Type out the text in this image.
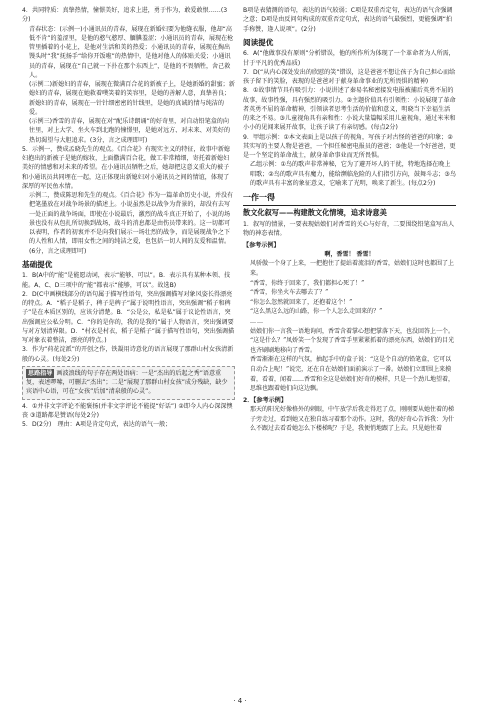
4．共同特质：真挚热情，憧憬美好，追求上进，勇于作为，敢爱敢恨……(3分)

青春状态：(示例一)小通讯员的青春，展现在新婚妇要为他缝衣服，他却“高低不肯”的羞涩里，是他的憨气憨厚、腼腆羞涩；小通讯员的青春，展现在枪管里插着的小花上，是他对生活和美的热爱；小通讯员的青春，展现在掏出馒头时“我”抚扬手“给你开饭啦”的热情中，是他对他人的体贴关爱；小通讯员的青春，展现在“自己就一下扑在那个东西上”，是他的不畏牺牲，舍己救人。

(示例二)新媳妇的青春，展现在微满百合花的新被子上，是她新婚的甜蜜；新媳妇的青春，展现在她救着噗笑着的笑容里，是她的善解人意，真挚善良；新媳妇的青春，展现在一针针细密密的针线里，是她的真诚的情与纯洁的爱。

(示例三)香雪的青春，展现在对“配乐诗朗诵”的好奇里，对自动铅笔盒的向往里，对上大学、坐火车到北跑的憧憬里，是她对远方、对未来、对美好的热切渴望与大胆追求。(3分，言之成理即可)

5．示例一，赞成孟晓先生的观点。《百合花》有现实主义的特征，故事中新媳妇抱出的新被子是她的嫁妆，上面撒满百合花，做工非常精细，寄托着新媳妇美好的情感和对未来的希望。在小通讯员牺牲之后，她却把这意义重大的被子和小通讯员共同埋在一起，这正体现出新媳妇对小通讯员之间的情谊，体现了深厚的军民鱼水情。

示例二，赞成陈思和先生的观点。《百合花》作为一篇革命历史小说，并没有把笔墨放在对战争场景的描述上。小说虽然是以战争为背景的，却没有去写一处正面的战争场面，即使在小说最后，激烈的战斗真正开始了，小说的场景也没有从包扎所切换到战场，战斗的消息都是由伤员带来的。这一切都可以表明，作者的初衷并不是向我们展示一场壮烈的战争，而是展现战争之下的人性和人情，即用女性之间的纯洁之爱，也包括一切人间的友爱和温情。(6分，言之成理即可)

基础提优

1．B(A中的“能”是能愿动词，表示“能够、可以”。B．表示具有某种本领、技能。A、C、D三项中的“能”都表示“能够，可以”。故选B)

2．D(C中画横线部分的语句属于描写性语句，突出强调描写对象风姿长得漂亮的特点。A．“稻子是稻子，稗子是稗子”属于说明性语言，突出强调“稻子和稗子”是在本质区别的，应该分清楚。B．“公是公，私是私”属于议论性语言，突出强调应公私分明。C．“你的是你的，我的是我的”属于人物语言，突出强调要与对方划清界限。D．“村衣是村衣，稻子是稻子”属于描写性语句，突出强调描写对象衣着整洁，漂亮的特点。)

3．作为“荷花淀派”的开创之作，铁凝用诗意化的语言展现了那群山村女孩清新般的心灵。(每处2分)

思路指导 画波浪线的句子存在两处语病：一是“杰出的后起之秀”语意重复，表述啰嗦，可删去“杰出”；二是“展现了那群山村女孩”成分残缺，缺少宾语中心语，可在“女孩”后加“清泉般的心灵”。

4．①并非文字评论不能褒扬(并非文字评论不能提“好话”) ②即今人内心深深懊丧 ③道路都是赞语(每处2分)

5．D(2分)　理由：A项是肯定句式，表达的语气一般；

B项是表猜测的语句，表达的语气较弱；C项是双重否定句，表达的语气含强调之意；D项是由反问句构成的双重否定句式，表达的语气最强烈，更能强调“拍手称赞，逢人说项”。(2分)

阅读提优

6．A(“他做事没有原则”分析错误，他的所作所为体现了一个革命者为人所需，甘于平凡的优秀品质)

7．D(“从内心深处发出的欣慰的笑”错误，这是爸爸不想让孩子为自己担心而给孩子留下的笑脸，表现的是爸爸对于献身革命事业的无所畏惧的精神)

8．①故事情节具有吸引力：小说讲述了秦易名秘密接发电报被捕后英勇不屈的故事，故事性强，具有强烈的吸引力。②主题价值具有引领性：小说展现了革命者英勇不屈的革命精神，引领读者思考生活的价值和意义，明晓当下幸福生活的来之不易。③儿童视角具有亲和性：小说大量篇幅采用儿童视角，通过米米和小小的见闻来展开故事，让孩子读了有亲切感。(每点2分)

9．甲组示例：①本文表面上是以孩子的视角，写孩子对古怪的爸爸的印象；②其实写的主要人物是爸爸，一个担任秘密电报员的爸爸；③他是一个好爸爸，更是一个坚定的革命战士，献身革命事业而无所畏惧。

乙组示例：①鸟的歌声非常神秘，它为了避开坏人的干扰，特地选择在晚上唱歌；②鸟的歌声具有魔力，能给濒临危险的人们指引方向，鼓舞斗志；③鸟的歌声具有丰富的象征意义，它喻来了光明，唤来了新生。(每点2分)

一作一得
散文化叙写——构建散文化情境，追求诗意美

1．叙写的情景，一要表现姑娘们对香雪的关心与好奇，二要围绕铅笔盒写出人物的神态表情。

【参考示例】

啊，香雪！ 香雪！

风骄傲一个身了上来，一把抱住了提站着流泪的香雪，姑娘们这时也都围了上来。

“香雪，你终于回来了，我们都担心死了！”

“香雪，你坐火车去哪去了？”

“你怎么忽然就回来了，还抱着这个！”

“这么黑这么远的山路，你一个人怎么走回来的？”

……

姑娘们你一言我一语地询问，香雪含着掌心想把掌落下天，也没回答上一个。

“这是什么？”凤娇笑一个发现了香雪手里紧紧抓着的漂亮东西，姑娘们的目光也齐刷刷地移向了香雪。

香雪渐渐在这样的气氛，抽起手中的盒子说：“这是个自动的铅笔盒，它可以自动合上呢！”说完，还在自在姑娘们面前演示了一番。姑娘们立即围上来摸着，看着，闻着……香雪和全这是姑娘们好奇的模样，只是一个劲儿地望着，思维也跟着她们向这边飘。

2．【参考示例】

那天的阳光好像格外的刺眼，中午放学后我走得迟了点，刚刚要从她住着的梯子旁走过，看到她又在独自练习着那个动作。这时，我的好奇心告诉我：为什么不跟过去看看她怎么下楼梯呢？于是，我便悄地跟了上去。只见她往着

· 4 ·
